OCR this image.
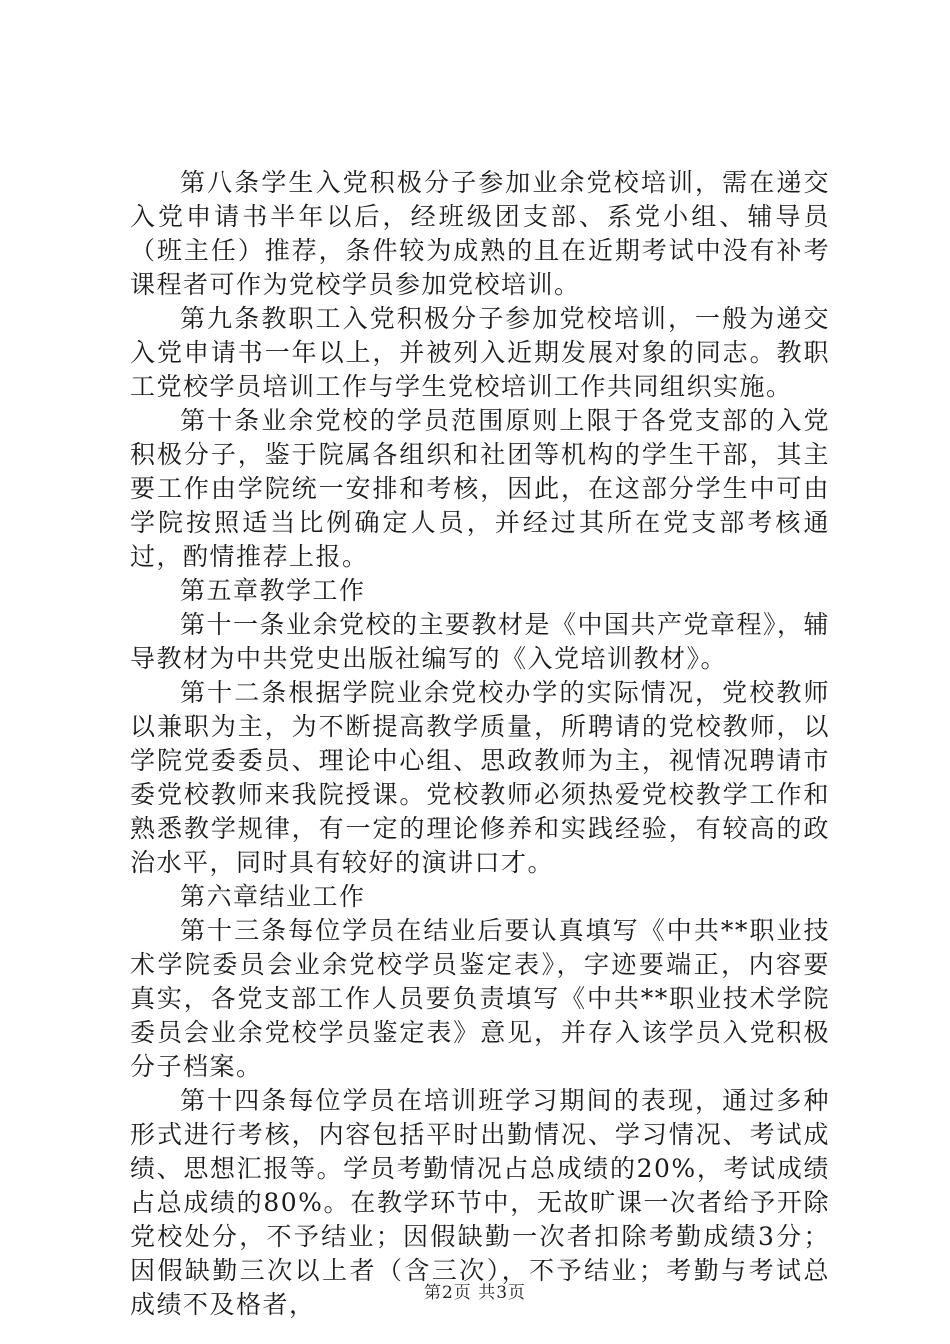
第八条学生入党积极分子参加业余党校培训，需在递交入党申请书半年以后，经班级团支部、系党小组、辅导员（班主任）推荐，条件较为成熟的且在近期考试中没有补考课程者可作为党校学员参加党校培训。

第九条教职工入党积极分子参加党校培训，一般为递交入党申请书一年以上，并被列入近期发展对象的同志。教职工党校学员培训工作与学生党校培训工作共同组织实施。

第十条业余党校的学员范围原则上限于各党支部的入党积极分子，鉴于院属各组织和社团等机构的学生干部，其主要工作由学院统一安排和考核，因此，在这部分学生中可由学院按照适当比例确定人员，并经过其所在党支部考核通过，酌情推荐上报。

第五章教学工作

第十一条业余党校的主要教材是《中国共产党章程》，辅导教材为中共党史出版社编写的《入党培训教材》。

第十二条根据学院业余党校办学的实际情况，党校教师以兼职为主，为不断提高教学质量，所聘请的党校教师，以学院党委委员、理论中心组、思政教师为主，视情况聘请市委党校教师来我院授课。党校教师必须热爱党校教学工作和熟悉教学规律，有一定的理论修养和实践经验，有较高的政治水平，同时具有较好的演讲口才。

第六章结业工作

第十三条每位学员在结业后要认真填写《中共**职业技术学院委员会业余党校学员鉴定表》，字迹要端正，内容要真实，各党支部工作人员要负责填写《中共**职业技术学院委员会业余党校学员鉴定表》意见，并存入该学员入党积极分子档案。

第十四条每位学员在培训班学习期间的表现，通过多种形式进行考核，内容包括平时出勤情况、学习情况、考试成绩、思想汇报等。学员考勤情况占总成绩的20%，考试成绩占总成绩的80%。在教学环节中，无故旷课一次者给予开除党校处分，不予结业；因假缺勤一次者扣除考勤成绩3分；因假缺勤三次以上者（含三次），不予结业；考勤与考试总成绩不及格者，	第2页 共3页
